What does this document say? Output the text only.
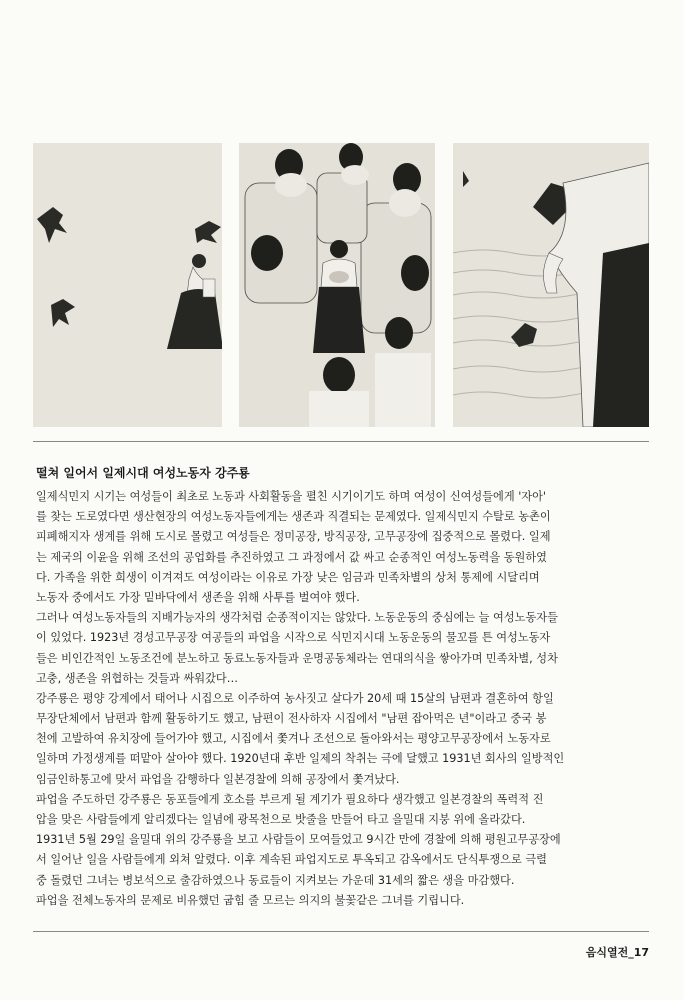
떨쳐 일어서 일제시대 여성노동자 강주룡
일제식민지 시기는 여성들이 최초로 노동과 사회활동을 펼친 시기이기도 하며 여성이 신여성들에게 '자아'
를 찾는 도로였다면 생산현장의 여성노동자들에게는 생존과 직결되는 문제였다. 일제식민지 수탈로 농촌이
피폐해지자 생계를 위해 도시로 몰렸고 여성들은 정미공장, 방직공장, 고무공장에 집중적으로 몰렸다. 일제
는 제국의 이윤을 위해 조선의 공업화를 추진하였고 그 과정에서 값 싸고 순종적인 여성노동력을 동원하였
다. 가족을 위한 희생이 이겨져도 여성이라는 이유로 가장 낮은 임금과 민족차별의 상처 통제에 시달리며
노동자 중에서도 가장 밑바닥에서 생존을 위해 사투를 벌여야 했다.
그러나 여성노동자들의 지배가능자의 생각처럼 순종적이지는 않았다. 노동운동의 중심에는 늘 여성노동자들
이 있었다. 1923년 경성고무공장 여공들의 파업을 시작으로 식민지시대 노동운동의 물꼬를 튼 여성노동자
들은 비인간적인 노동조건에 분노하고 동료노동자들과 운명공동체라는 연대의식을 쌓아가며 민족차별, 성차
고충, 생존을 위협하는 것들과 싸워갔다…
강주룡은 평양 강계에서 태어나 시집으로 이주하여 농사짓고 살다가 20세 때 15살의 남편과 결혼하여 항일
무장단체에서 남편과 함께 활동하기도 했고, 남편이 전사하자 시집에서 "남편 잡아먹은 년"이라고 중국 봉
천에 고발하여 유치장에 들어가야 했고, 시집에서 쫓겨나 조선으로 돌아와서는 평양고무공장에서 노동자로
일하며 가정생계를 떠맡아 살아야 했다. 1920년대 후반 일제의 착취는 극에 달했고 1931년 회사의 일방적인
임금인하통고에 맞서 파업을 감행하다 일본경찰에 의해 공장에서 쫓겨났다.
파업을 주도하던 강주룡은 동포들에게 호소를 부르게 될 계기가 필요하다 생각했고 일본경찰의 폭력적 진
압을 맞은 사람들에게 알리겠다는 일념에 광목천으로 밧줄을 만들어 타고 을밀대 지붕 위에 올라갔다.
1931년 5월 29일 을밀대 위의 강주룡을 보고 사람들이 모여들었고 9시간 만에 경찰에 의해 평원고무공장에
서 일어난 일을 사람들에게 외쳐 알렸다. 이후 계속된 파업지도로 투옥되고 감옥에서도 단식투쟁으로 극렬
중 돌렸던 그녀는 병보석으로 출감하였으나 동료들이 지켜보는 가운데 31세의 짧은 생을 마감했다.
파업을 전체노동자의 문제로 비유했던 굽힘 줄 모르는 의지의 불꽃같은 그녀를 기립니다.
음식열전_17
